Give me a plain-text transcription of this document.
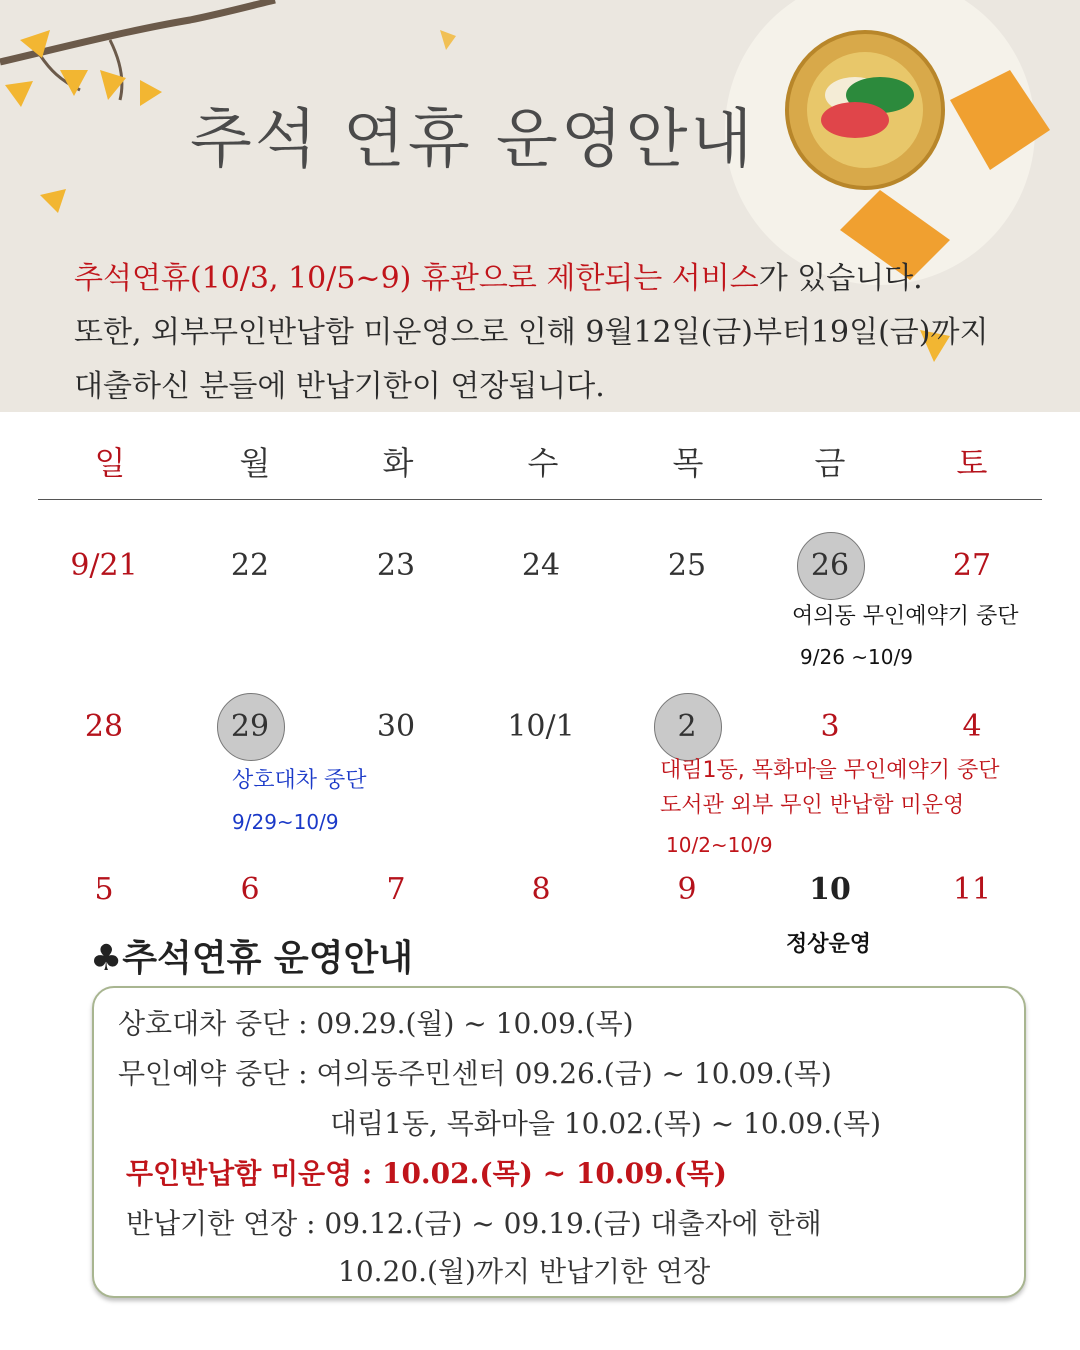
추석 연휴 운영안내
추석연휴(10/3, 10/5~9) 휴관으로 제한되는 서비스가 있습니다.
또한, 외부무인반납함 미운영으로 인해 9월12일(금)부터19일(금)까지
대출하신 분들에 반납기한이 연장됩니다.
일	월	화	수	목	금	토
9/21	22	23	24	25	26	27
여의동 무인예약기 중단
9/26 ~10/9
28	29	30	10/1	2	3	4
상호대차 중단
9/29~10/9
대림1동, 목화마을 무인예약기 중단
도서관 외부 무인 반납함 미운영
10/2~10/9
5	6	7	8	9	10	11
정상운영
♣추석연휴 운영안내
상호대차 중단 : 09.29.(월) ~ 10.09.(목)
무인예약 중단 : 여의동주민센터 09.26.(금) ~ 10.09.(목)
대림1동, 목화마을 10.02.(목) ~ 10.09.(목)
무인반납함 미운영 : 10.02.(목) ~ 10.09.(목)
반납기한 연장 : 09.12.(금) ~ 09.19.(금) 대출자에 한해
10.20.(월)까지 반납기한 연장
